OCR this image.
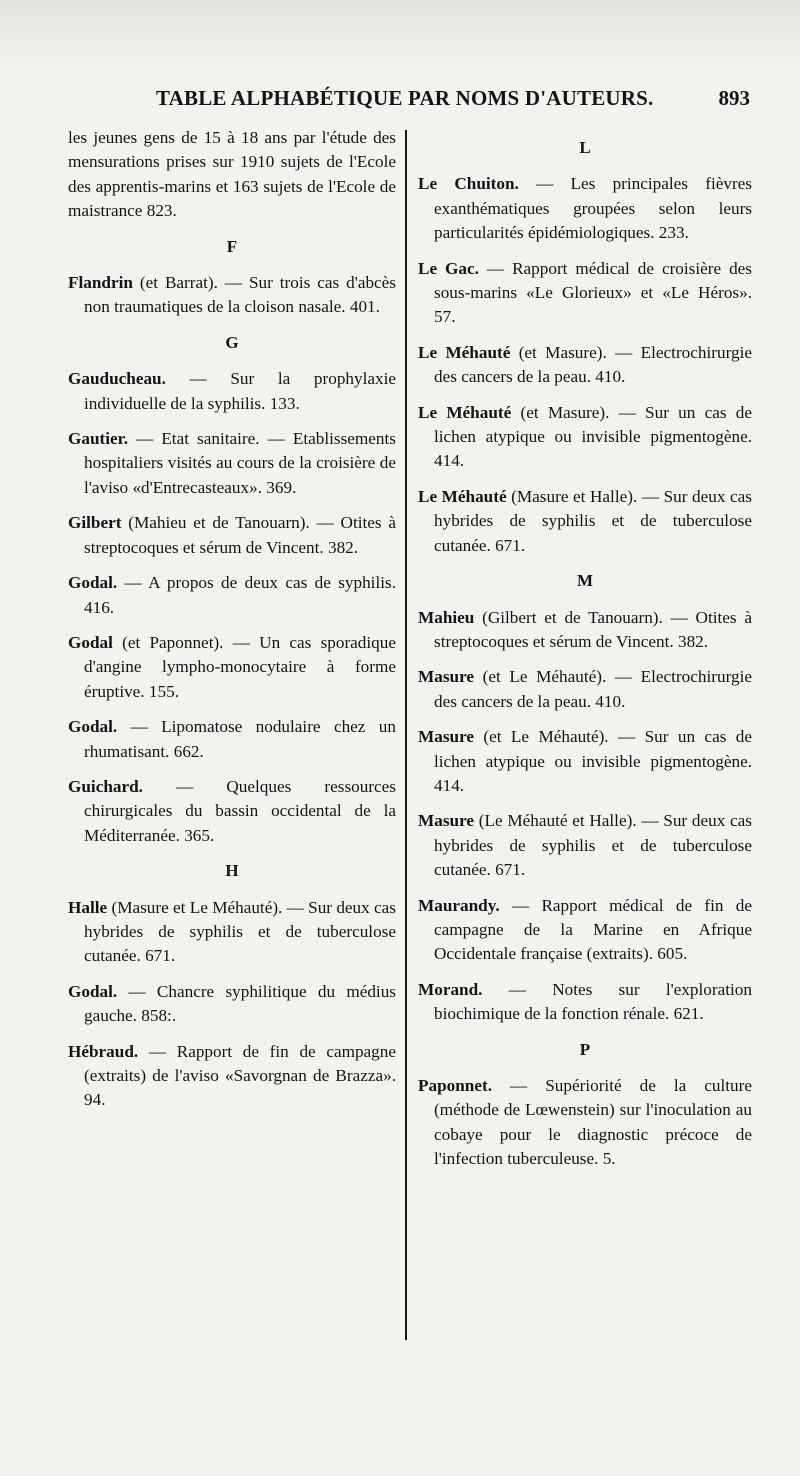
TABLE ALPHABÉTIQUE PAR NOMS D'AUTEURS.	893

les jeunes gens de 15 à 18 ans par l'étude des mensurations prises sur 1910 sujets de l'Ecole des apprentis-marins et 163 sujets de l'Ecole de maistrance 823.

F

Flandrin (et Barrat). — Sur trois cas d'abcès non traumatiques de la cloison nasale. 401.

G

Gauducheau. — Sur la prophylaxie individuelle de la syphilis. 133.

Gautier. — Etat sanitaire. — Etablissements hospitaliers visités au cours de la croisière de l'aviso «d'Entrecasteaux». 369.

Gilbert (Mahieu et de Tanouarn). — Otites à streptocoques et sérum de Vincent. 382.

Godal. — A propos de deux cas de syphilis. 416.

Godal (et Paponnet). — Un cas sporadique d'angine lympho-monocytaire à forme éruptive. 155.

Godal. — Lipomatose nodulaire chez un rhumatisant. 662.

Guichard. — Quelques ressources chirurgicales du bassin occidental de la Méditerranée. 365.

H

Halle (Masure et Le Méhauté). — Sur deux cas hybrides de syphilis et de tuberculose cutanée. 671.

Godal. — Chancre syphilitique du médius gauche. 858:.

Hébraud. — Rapport de fin de campagne (extraits) de l'aviso «Savorgnan de Brazza». 94.

L

Le Chuiton. — Les principales fièvres exanthématiques groupées selon leurs particularités épidémiologiques. 233.

Le Gac. — Rapport médical de croisière des sous-marins «Le Glorieux» et «Le Héros». 57.

Le Méhauté (et Masure). — Electrochirurgie des cancers de la peau. 410.

Le Méhauté (et Masure). — Sur un cas de lichen atypique ou invisible pigmentogène. 414.

Le Méhauté (Masure et Halle). — Sur deux cas hybrides de syphilis et de tuberculose cutanée. 671.

M

Mahieu (Gilbert et de Tanouarn). — Otites à streptocoques et sérum de Vincent. 382.

Masure (et Le Méhauté). — Electrochirurgie des cancers de la peau. 410.

Masure (et Le Méhauté). — Sur un cas de lichen atypique ou invisible pigmentogène. 414.

Masure (Le Méhauté et Halle). — Sur deux cas hybrides de syphilis et de tuberculose cutanée. 671.

Maurandy. — Rapport médical de fin de campagne de la Marine en Afrique Occidentale française (extraits). 605.

Morand. — Notes sur l'exploration biochimique de la fonction rénale. 621.

P

Paponnet. — Supériorité de la culture (méthode de Lœwenstein) sur l'inoculation au cobaye pour le diagnostic précoce de l'infection tuberculeuse. 5.
